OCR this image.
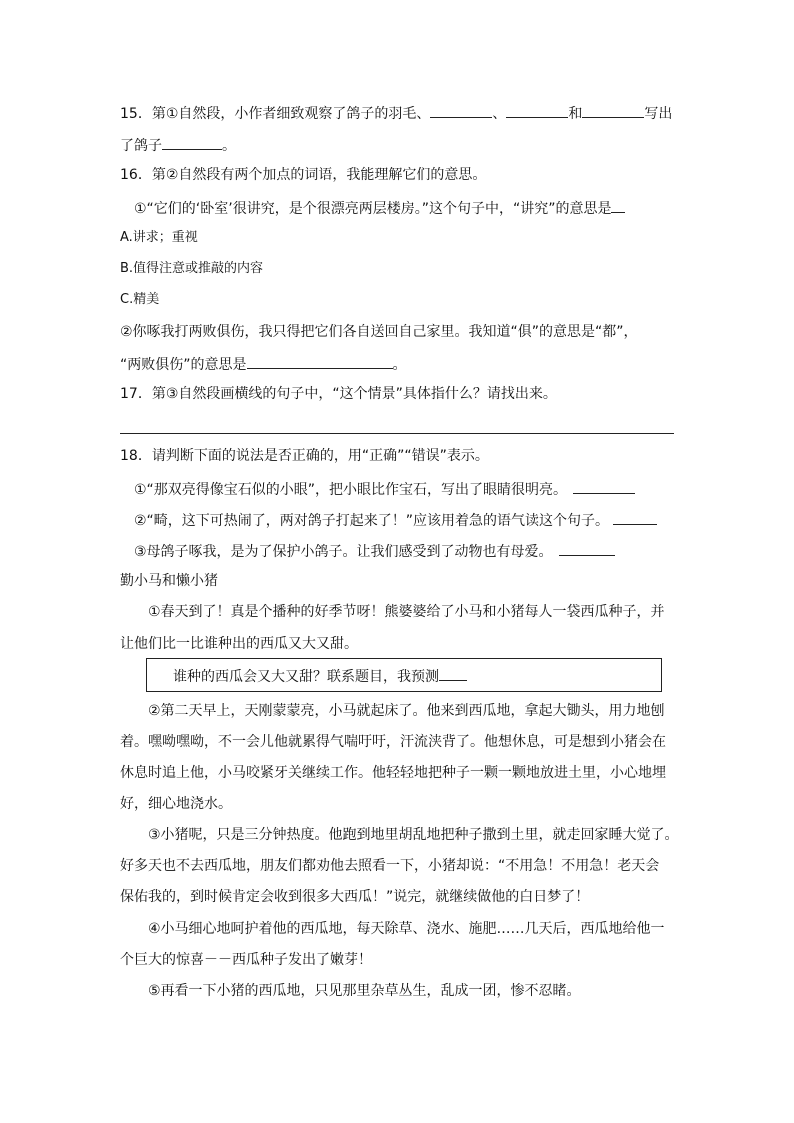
15．第①自然段，小作者细致观察了鸽子的羽毛、	、	和	写出
了鸽子	。
16．第②自然段有两个加点的词语，我能理解它们的意思。
①“它们的‘卧室’很讲究，是个很漂亮两层楼房。”这个句子中，“讲究”的意思是
A.讲求；重视
B.值得注意或推敲的内容
C.精美
②你啄我打两败俱伤，我只得把它们各自送回自己家里。我知道“俱”的意思是“都”，
“两败俱伤”的意思是	。
17．第③自然段画横线的句子中，“这个情景”具体指什么？请找出来。
18．请判断下面的说法是否正确的，用“正确”“错误”表示。
①“那双亮得像宝石似的小眼”，把小眼比作宝石，写出了眼睛很明亮。
②“畸，这下可热闹了，两对鸽子打起来了！”应该用着急的语气读这个句子。
③母鸽子啄我，是为了保护小鸽子。让我们感受到了动物也有母爱。
勤小马和懒小猪
①春天到了！真是个播种的好季节呀！熊婆婆给了小马和小猪每人一袋西瓜种子，并
让他们比一比谁种出的西瓜又大又甜。
谁种的西瓜会又大又甜？联系题目，我预测
②第二天早上，天刚蒙蒙亮，小马就起床了。他来到西瓜地，拿起大锄头，用力地刨
着。嘿呦嘿呦，不一会儿他就累得气喘吁吁，汗流浃背了。他想休息，可是想到小猪会在
休息时追上他，小马咬紧牙关继续工作。他轻轻地把种子一颗一颗地放进土里，小心地埋
好，细心地浇水。
③小猪呢，只是三分钟热度。他跑到地里胡乱地把种子撒到土里，就走回家睡大觉了。
好多天也不去西瓜地，朋友们都劝他去照看一下，小猪却说：“不用急！不用急！老天会
保佑我的，到时候肯定会收到很多大西瓜！”说完，就继续做他的白日梦了！
④小马细心地呵护着他的西瓜地，每天除草、浇水、施肥……几天后，西瓜地给他一
个巨大的惊喜－－西瓜种子发出了嫩芽！
⑤再看一下小猪的西瓜地，只见那里杂草丛生，乱成一团，惨不忍睹。
